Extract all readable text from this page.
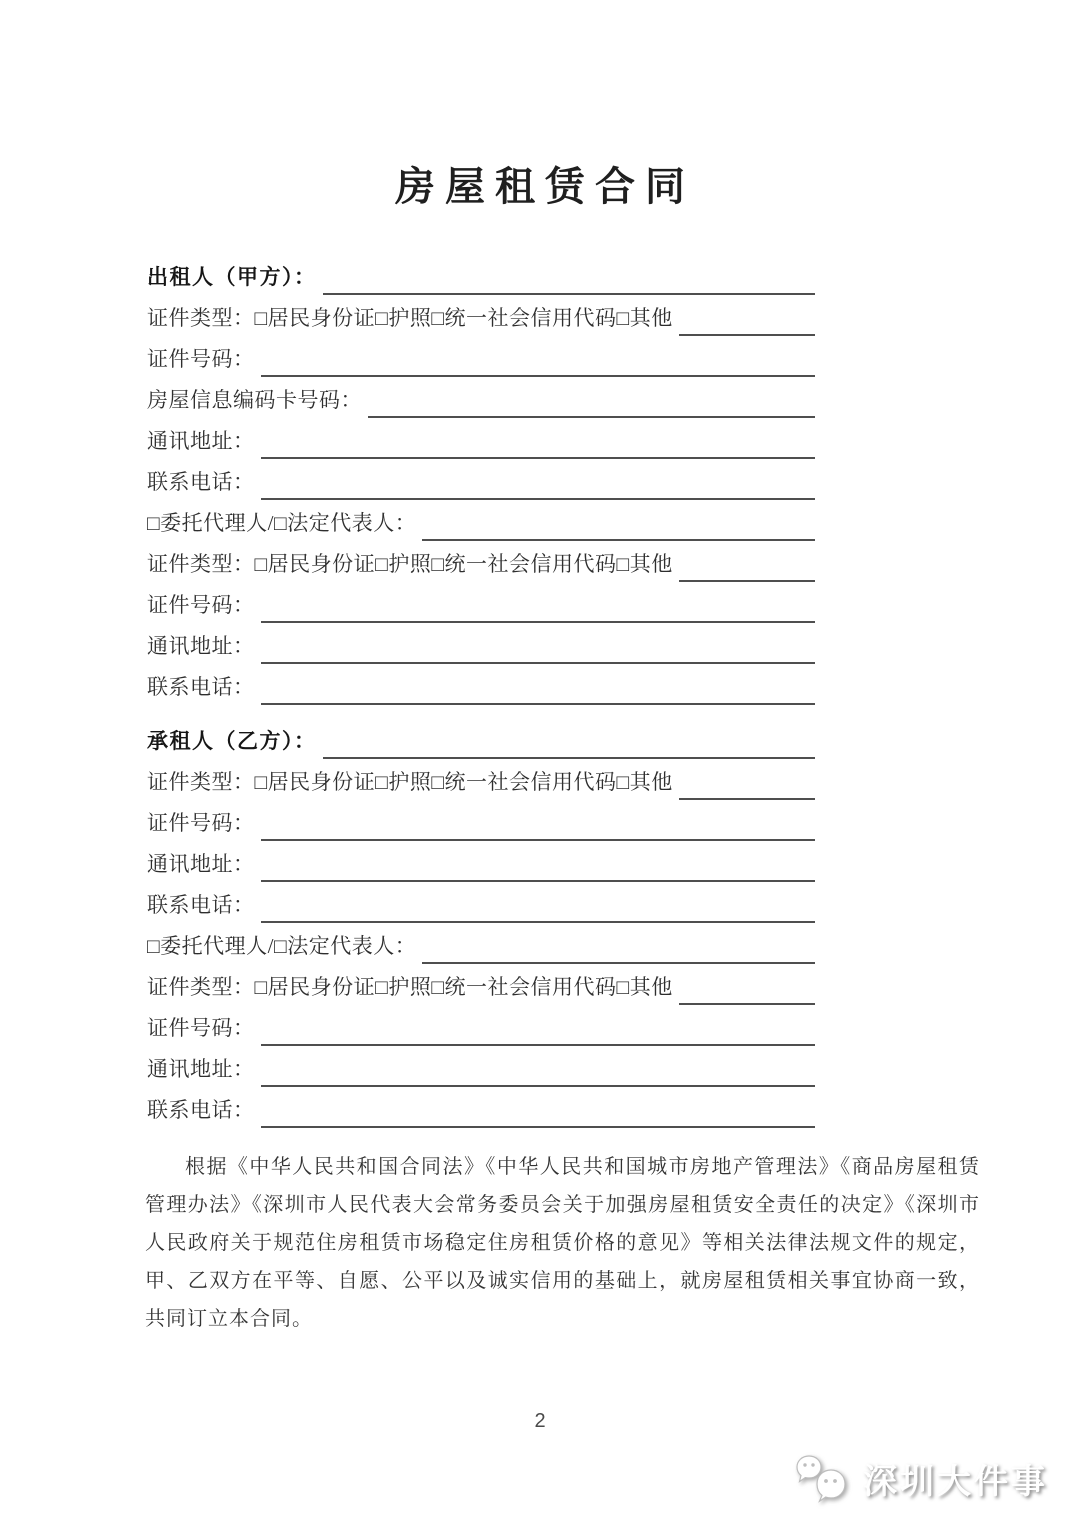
房屋租赁合同
出租人（甲方）：
证件类型：□居民身份证□护照□统一社会信用代码□其他
证件号码：
房屋信息编码卡号码：
通讯地址：
联系电话：
□委托代理人/□法定代表人：
证件类型：□居民身份证□护照□统一社会信用代码□其他
证件号码：
通讯地址：
联系电话：
承租人（乙方）：
证件类型：□居民身份证□护照□统一社会信用代码□其他
证件号码：
通讯地址：
联系电话：
□委托代理人/□法定代表人：
证件类型：□居民身份证□护照□统一社会信用代码□其他
证件号码：
通讯地址：
联系电话：

根据《中华人民共和国合同法》《中华人民共和国城市房地产管理法》《商品房屋租赁管理办法》《深圳市人民代表大会常务委员会关于加强房屋租赁安全责任的决定》《深圳市人民政府关于规范住房租赁市场稳定住房租赁价格的意见》等相关法律法规文件的规定，甲、乙双方在平等、自愿、公平以及诚实信用的基础上，就房屋租赁相关事宜协商一致，共同订立本合同。

2
深圳大件事
